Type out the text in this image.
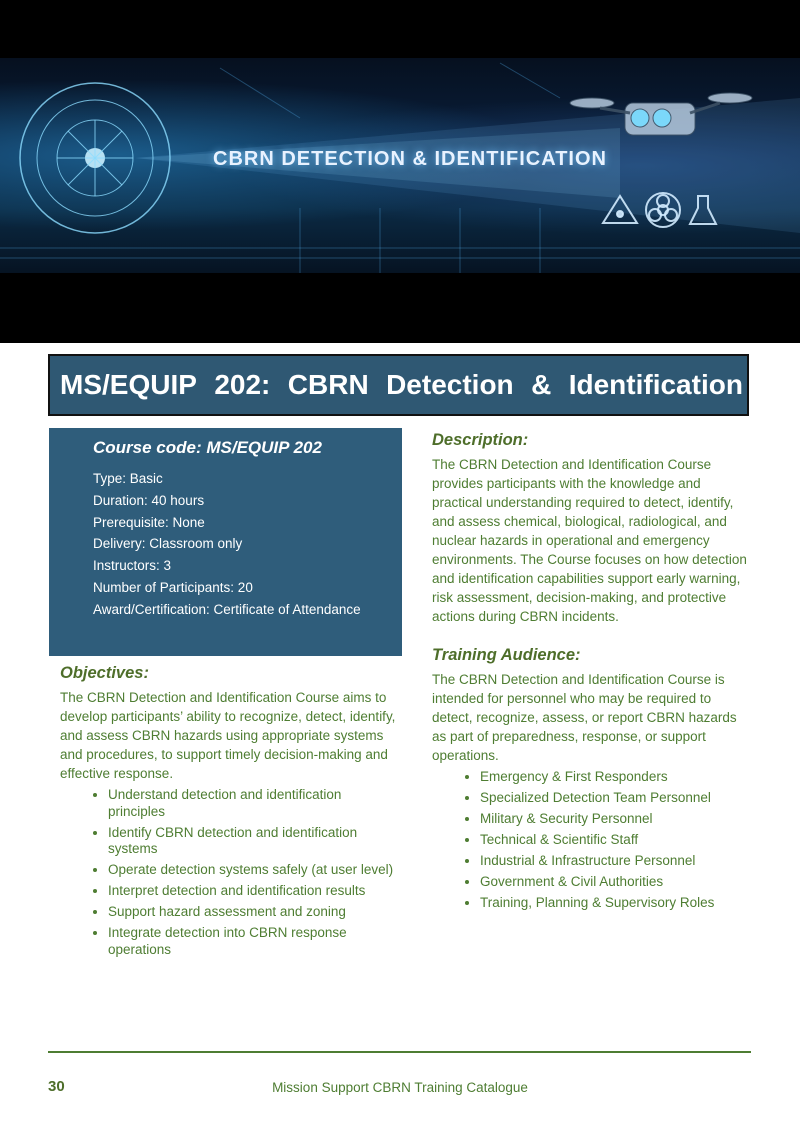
CBRN DETECTION & IDENTIFICATION
MS/EQUIP 202: CBRN Detection & Identification
Course code: MS/EQUIP 202
Type: Basic
Duration: 40 hours
Prerequisite: None
Delivery: Classroom only
Instructors: 3
Number of Participants: 20
Award/Certification: Certificate of Attendance
Objectives:

The CBRN Detection and Identification Course aims to develop participants’ ability to recognize, detect, identify, and assess CBRN hazards using appropriate systems and procedures, to support timely decision-making and effective response.

• Understand detection and identification principles
• Identify CBRN detection and identification systems
• Operate detection systems safely (at user level)
• Interpret detection and identification results
• Support hazard assessment and zoning
• Integrate detection into CBRN response operations
Description:

The CBRN Detection and Identification Course provides participants with the knowledge and practical understanding required to detect, identify, and assess chemical, biological, radiological, and nuclear hazards in operational and emergency environments. The Course focuses on how detection and identification capabilities support early warning, risk assessment, decision-making, and protective actions during CBRN incidents.

Training Audience:

The CBRN Detection and Identification Course is intended for personnel who may be required to detect, recognize, assess, or report CBRN hazards as part of preparedness, response, or support operations.

• Emergency & First Responders
• Specialized Detection Team Personnel
• Military & Security Personnel
• Technical & Scientific Staff
• Industrial & Infrastructure Personnel
• Government & Civil Authorities
• Training, Planning & Supervisory Roles
30	Mission Support CBRN Training Catalogue
